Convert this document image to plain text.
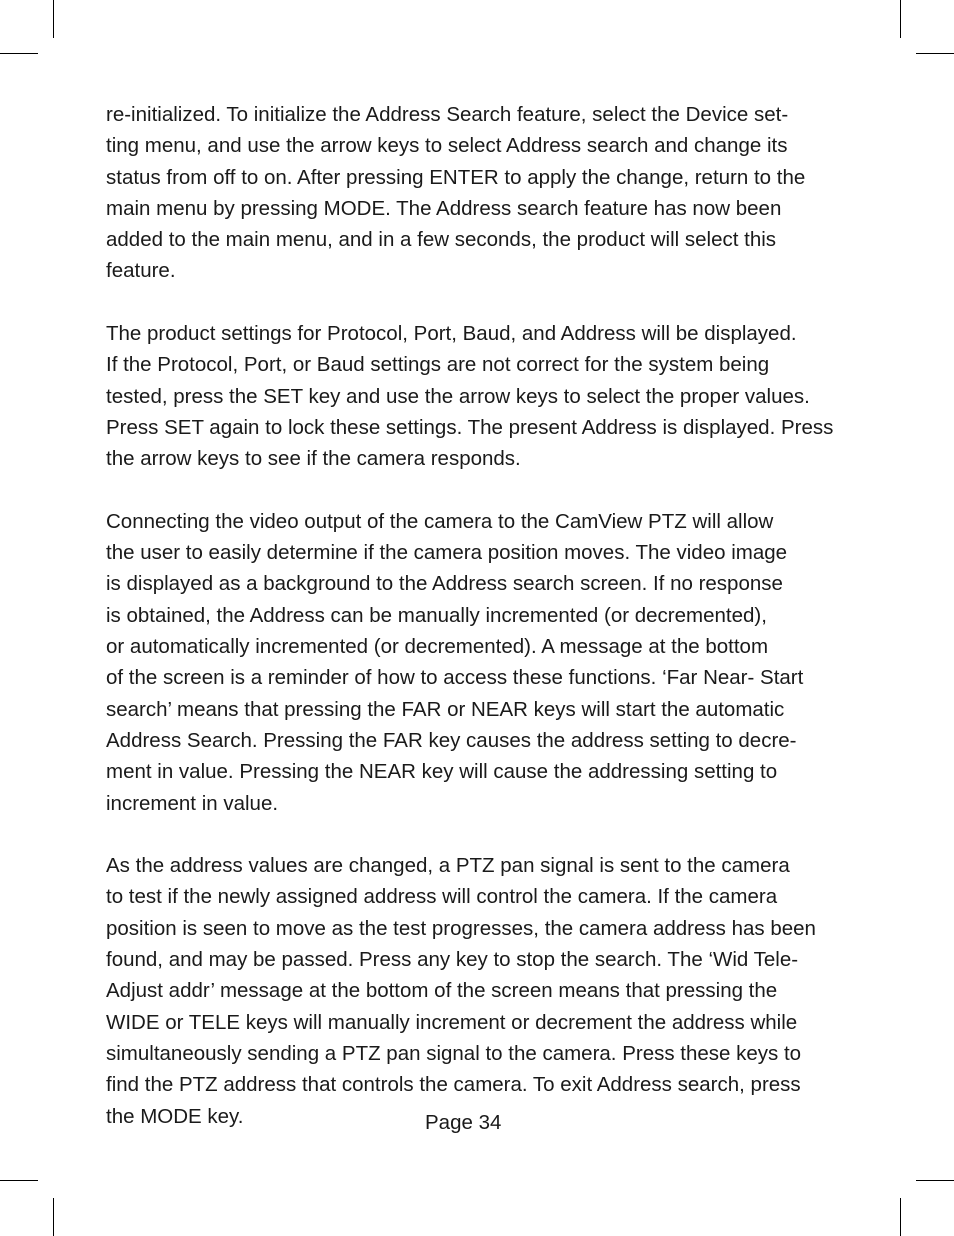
re-initialized. To initialize the Address Search feature, select the Device set-
ting menu, and use the arrow keys to select Address search and change its
status from off to on. After pressing ENTER to apply the change, return to the
main menu by pressing MODE. The Address search feature has now been
added to the main menu, and in a few seconds, the product will select this
feature.
The product settings for Protocol, Port, Baud, and Address will be displayed.
If the Protocol, Port, or Baud settings are not correct for the system being
tested, press the SET key and use the arrow keys to select the proper values.
Press SET again to lock these settings. The present Address is displayed. Press
the arrow keys to see if the camera responds.
Connecting the video output of the camera to the CamView PTZ will allow
the user to easily determine if the camera position moves. The video image
is displayed as a background to the Address search screen. If no response
is obtained, the Address can be manually incremented (or decremented),
or automatically incremented (or decremented). A message at the bottom
of the screen is a reminder of how to access these functions. ‘Far Near- Start
search’ means that pressing the FAR or NEAR keys will start the automatic
Address Search. Pressing the FAR key causes the address setting to decre-
ment in value. Pressing the NEAR key will cause the addressing setting to
increment in value.
As the address values are changed, a PTZ pan signal is sent to the camera
to test if the newly assigned address will control the camera. If the camera
position is seen to move as the test progresses, the camera address has been
found, and may be passed. Press any key to stop the search. The ‘Wid Tele-
Adjust addr’ message at the bottom of the screen means that pressing the
WIDE or TELE keys will manually increment or decrement the address while
simultaneously sending a PTZ pan signal to the camera. Press these keys to
find the PTZ address that controls the camera. To exit Address search, press
the MODE key.	Page 34
